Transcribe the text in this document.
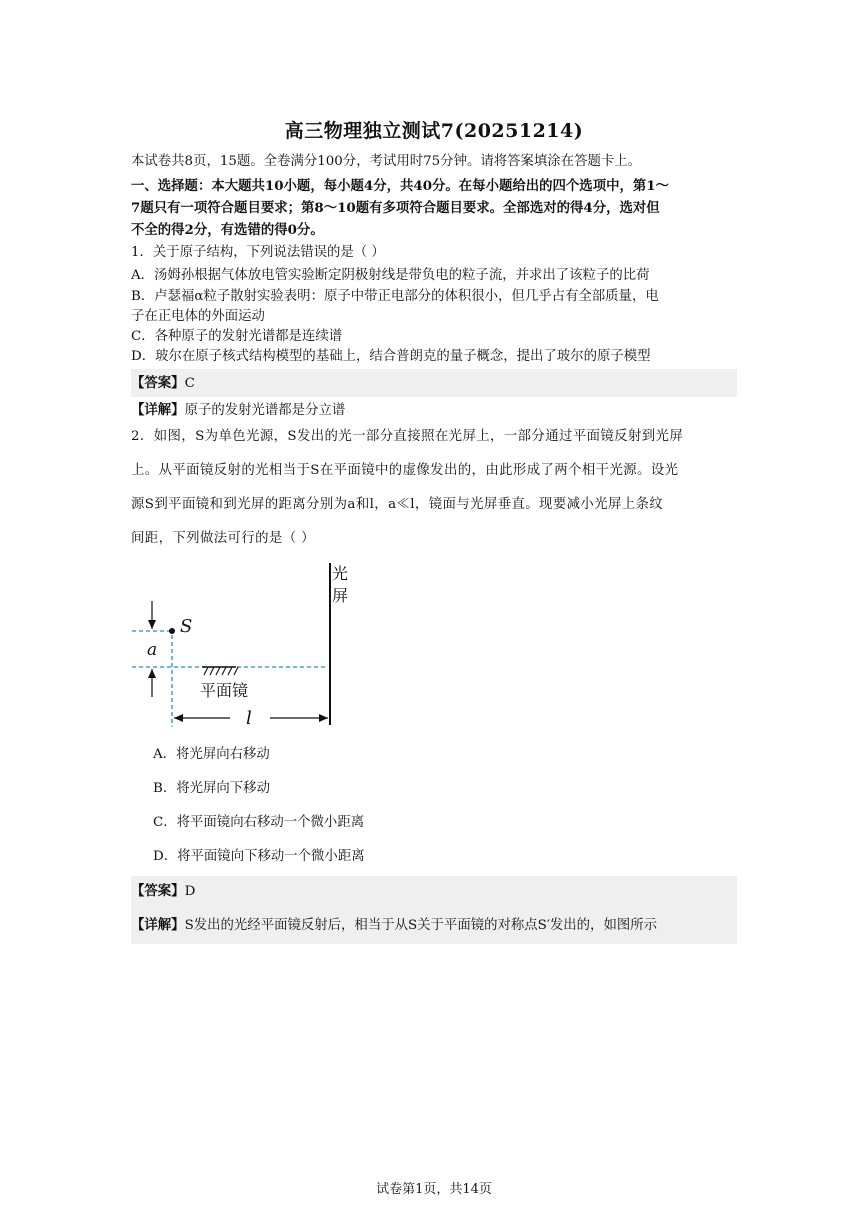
高三物理独立测试7(20251214)
本试卷共8页，15题。全卷满分100分，考试用时75分钟。请将答案填涂在答题卡上。
一、选择题：本大题共10小题，每小题4分，共40分。在每小题给出的四个选项中，第1～
7题只有一项符合题目要求；第8～10题有多项符合题目要求。全部选对的得4分，选对但
不全的得2分，有选错的得0分。
1．关于原子结构，下列说法错误的是（ ）
A．汤姆孙根据气体放电管实验断定阴极射线是带负电的粒子流，并求出了该粒子的比荷
B．卢瑟福α粒子散射实验表明：原子中带正电部分的体积很小，但几乎占有全部质量，电
子在正电体的外面运动
C．各种原子的发射光谱都是连续谱
D．玻尔在原子核式结构模型的基础上，结合普朗克的量子概念，提出了玻尔的原子模型
【答案】C
【详解】原子的发射光谱都是分立谱
2．如图，S为单色光源，S发出的光一部分直接照在光屏上，一部分通过平面镜反射到光屏
上。从平面镜反射的光相当于S在平面镜中的虚像发出的，由此形成了两个相干光源。设光
源S到平面镜和到光屏的距离分别为a和l，a≪l，镜面与光屏垂直。现要减小光屏上条纹
间距，下列做法可行的是（ ）
光
屏
S
a
平面镜
l
A．将光屏向右移动
B．将光屏向下移动
C．将平面镜向右移动一个微小距离
D．将平面镜向下移动一个微小距离
【答案】D
【详解】S发出的光经平面镜反射后，相当于从S关于平面镜的对称点S′发出的，如图所示
试卷第1页，共14页
